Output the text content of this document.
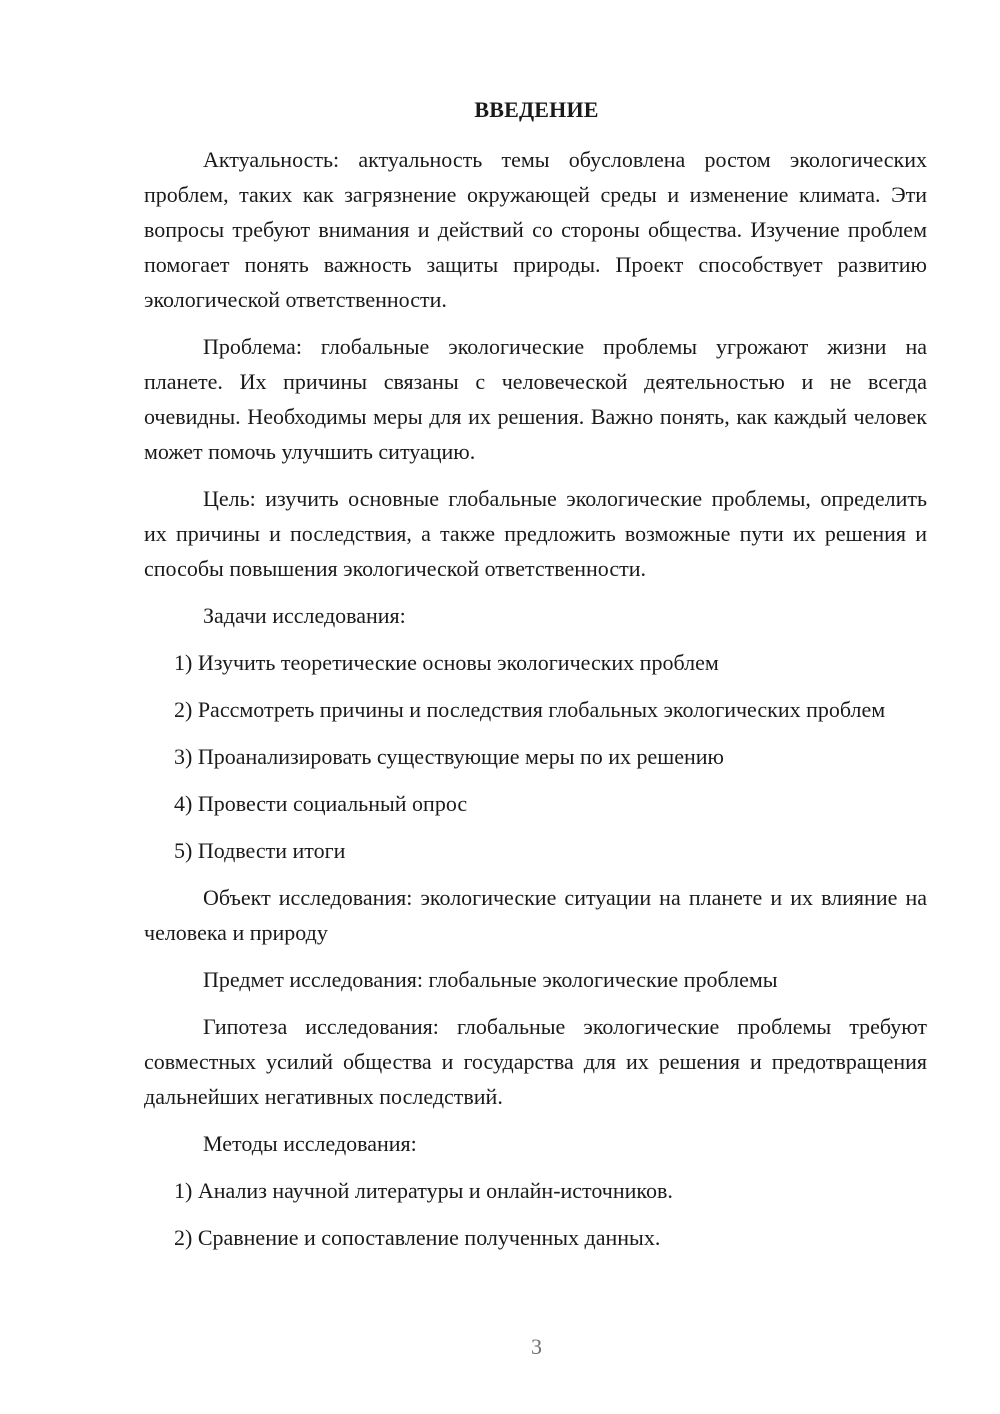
ВВЕДЕНИЕ

Актуальность: актуальность темы обусловлена ростом экологических проблем, таких как загрязнение окружающей среды и изменение климата. Эти вопросы требуют внимания и действий со стороны общества. Изучение проблем помогает понять важность защиты природы. Проект способствует развитию экологической ответственности.

Проблема: глобальные экологические проблемы угрожают жизни на планете. Их причины связаны с человеческой деятельностью и не всегда очевидны. Необходимы меры для их решения. Важно понять, как каждый человек может помочь улучшить ситуацию.

Цель: изучить основные глобальные экологические проблемы, определить их причины и последствия, а также предложить возможные пути их решения и способы повышения экологической ответственности.

Задачи исследования:

1) Изучить теоретические основы экологических проблем

2) Рассмотреть причины и последствия глобальных экологических проблем

3) Проанализировать существующие меры по их решению

4) Провести социальный опрос

5) Подвести итоги

Объект исследования: экологические ситуации на планете и их влияние на человека и природу

Предмет исследования: глобальные экологические проблемы

Гипотеза исследования: глобальные экологические проблемы требуют совместных усилий общества и государства для их решения и предотвращения дальнейших негативных последствий.

Методы исследования:

1) Анализ научной литературы и онлайн-источников.

2) Сравнение и сопоставление полученных данных.

3
